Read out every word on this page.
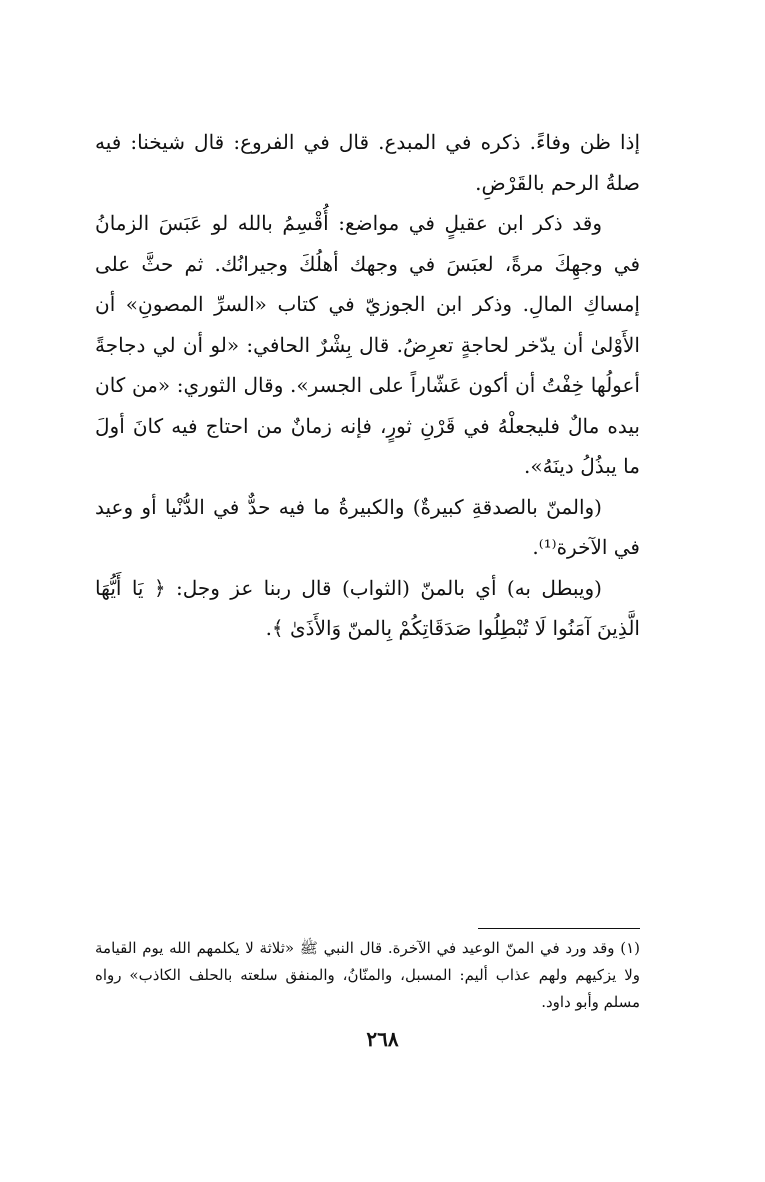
إذا ظن وفاءً. ذكره في المبدع. قال في الفروع: قال شيخنا: فيه صلةُ الرحم بالقَرْضِ.

وقد ذكر ابن عقيلٍ في مواضع: أُقْسِمُ بالله لو عَبَسَ الزمانُ في وجهِكَ مرةً، لعبَسَ في وجهك أهلُكَ وجيرانُك. ثم حثَّ على إمساكِ المالِ. وذكر ابن الجوزيّ في كتاب «السرِّ المصونِ» أن الأَوْلىٰ أن يدّخر لحاجةٍ تعرِضُ. قال بِشْرٌ الحافي: «لو أن لي دجاجةً أعولُها خِفْتُ أن أكون عَشّاراً على الجسر». وقال الثوري: «من كان بيده مالٌ فليجعلْهُ في قَرْنِ ثورٍ، فإنه زمانٌ من احتاج فيه كانَ أولَ ما يبذُلُ دينَهُ».

(والمنّ بالصدقةِ كبيرةٌ) والكبيرةُ ما فيه حدٌّ في الدُّنْيا أو وعيد في الآخرة⁽¹⁾.

(ويبطل به) أي بالمنّ (الثواب) قال ربنا عز وجل: ﴿ يَا أَيُّهَا الَّذِينَ آمَنُوا لَا تُبْطِلُوا صَدَقَاتِكُمْ بِالمنّ وَالأَذَىٰ ﴾.

(١) وقد ورد في المنّ الوعيد في الآخرة. قال النبي ﷺ «ثلاثة لا يكلمهم الله يوم القيامة ولا يزكيهم ولهم عذاب أليم: المسبل، والمنّانُ، والمنفق سلعته بالحلف الكاذب» رواه مسلم وأبو داود.

٢٦٨
